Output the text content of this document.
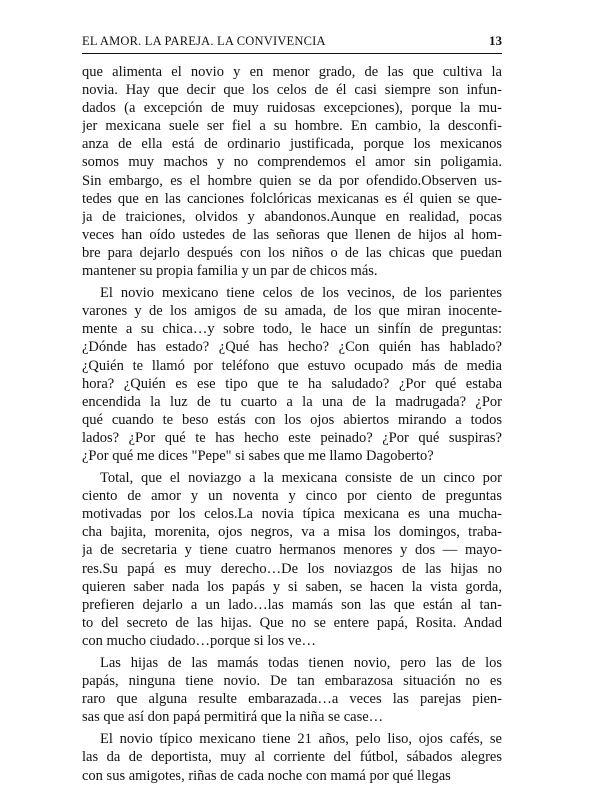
EL AMOR. LA PAREJA. LA CONVIVENCIA	13
que alimenta el novio y en menor grado, de las que cultiva la
novia. Hay que decir que los celos de él casi siempre son infun-
dados (a excepción de muy ruidosas excepciones), porque la mu-
jer mexicana suele ser fiel a su hombre. En cambio, la desconfi-
anza de ella está de ordinario justificada, porque los mexicanos
somos muy machos y no comprendemos el amor sin poligamia.
Sin embargo, es el hombre quien se da por ofendido.Observen us-
tedes que en las canciones folclóricas mexicanas es él quien se que-
ja de traiciones, olvidos y abandonos.Aunque en realidad, pocas
veces han oído ustedes de las señoras que llenen de hijos al hom-
bre para dejarlo después con los niños o de las chicas que puedan
mantener su propia familia y un par de chicos más.
El novio mexicano tiene celos de los vecinos, de los parientes
varones y de los amigos de su amada, de los que miran inocente-
mente a su chica…y sobre todo, le hace un sinfín de preguntas:
¿Dónde has estado? ¿Qué has hecho? ¿Con quién has hablado?
¿Quién te llamó por teléfono que estuvo ocupado más de media
hora? ¿Quién es ese tipo que te ha saludado? ¿Por qué estaba
encendida la luz de tu cuarto a la una de la madrugada? ¿Por
qué cuando te beso estás con los ojos abiertos mirando a todos
lados? ¿Por qué te has hecho este peinado? ¿Por qué suspiras?
¿Por qué me dices "Pepe" si sabes que me llamo Dagoberto?
Total, que el noviazgo a la mexicana consiste de un cinco por
ciento de amor y un noventa y cinco por ciento de preguntas
motivadas por los celos.La novia típica mexicana es una mucha-
cha bajita, morenita, ojos negros, va a misa los domingos, traba-
ja de secretaria y tiene cuatro hermanos menores y dos — mayo-
res.Su papá es muy derecho…De los noviazgos de las hijas no
quieren saber nada los papás y si saben, se hacen la vista gorda,
prefieren dejarlo a un lado…las mamás son las que están al tan-
to del secreto de las hijas. Que no se entere papá, Rosita. Andad
con mucho ciudado…porque si los ve…
Las hijas de las mamás todas tienen novio, pero las de los
papás, ninguna tiene novio. De tan embarazosa situación no es
raro que alguna resulte embarazada…a veces las parejas pien-
sas que así don papá permitirá que la niña se case…
El novio típico mexicano tiene 21 años, pelo liso, ojos cafés, se
las da de deportista, muy al corriente del fútbol, sábados alegres
con sus amigotes, riñas de cada noche con mamá por qué llegas
